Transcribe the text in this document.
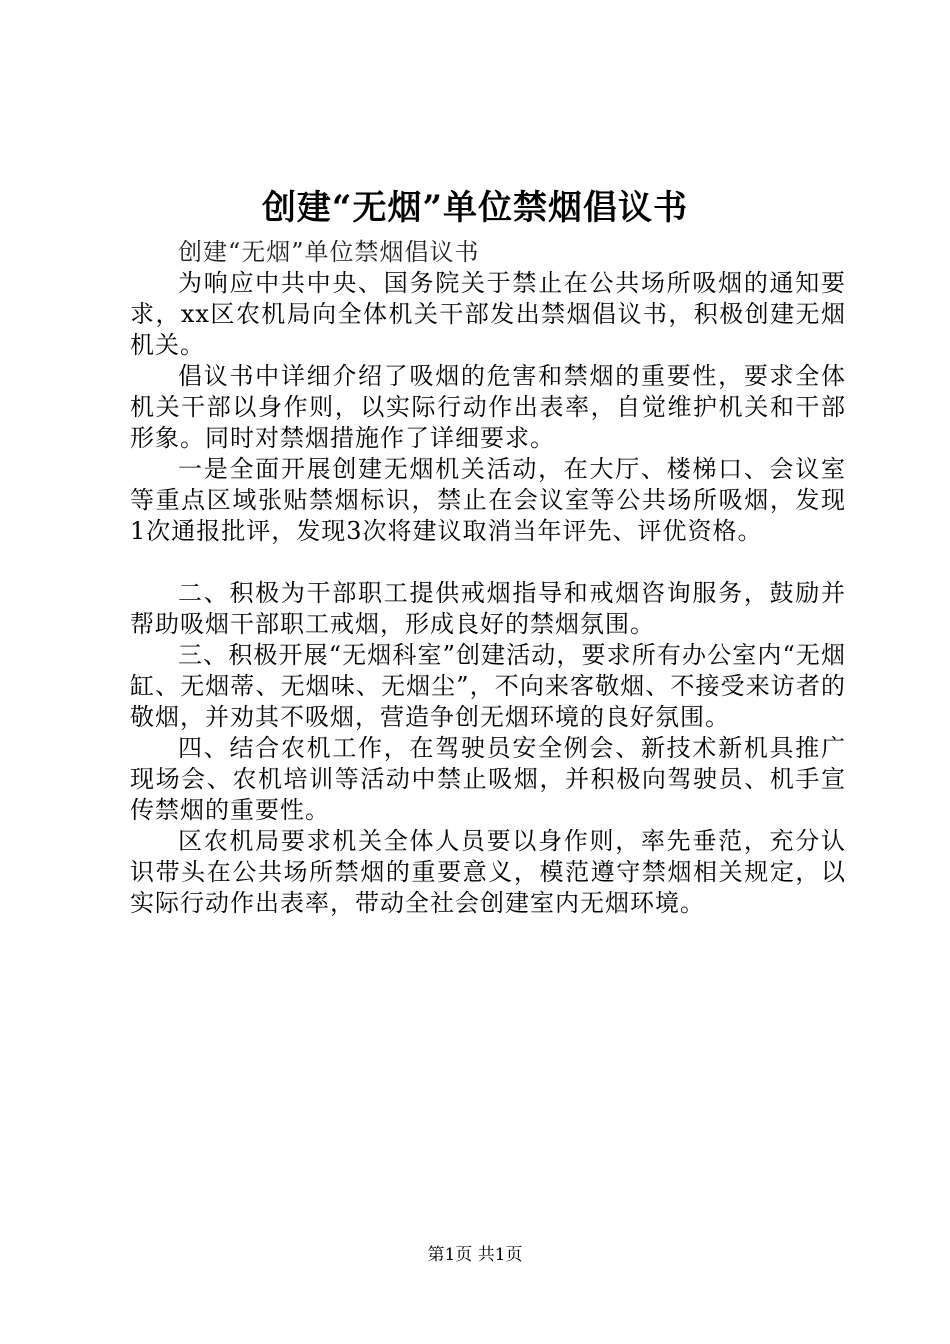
创建“无烟”单位禁烟倡议书

创建“无烟”单位禁烟倡议书

为响应中共中央、国务院关于禁止在公共场所吸烟的通知要求，xx区农机局向全体机关干部发出禁烟倡议书，积极创建无烟机关。

倡议书中详细介绍了吸烟的危害和禁烟的重要性，要求全体机关干部以身作则，以实际行动作出表率，自觉维护机关和干部形象。同时对禁烟措施作了详细要求。

一是全面开展创建无烟机关活动，在大厅、楼梯口、会议室等重点区域张贴禁烟标识，禁止在会议室等公共场所吸烟，发现1次通报批评，发现3次将建议取消当年评先、评优资格。

二、积极为干部职工提供戒烟指导和戒烟咨询服务，鼓励并帮助吸烟干部职工戒烟，形成良好的禁烟氛围。

三、积极开展“无烟科室”创建活动，要求所有办公室内“无烟缸、无烟蒂、无烟味、无烟尘”，不向来客敬烟、不接受来访者的敬烟，并劝其不吸烟，营造争创无烟环境的良好氛围。

四、结合农机工作，在驾驶员安全例会、新技术新机具推广现场会、农机培训等活动中禁止吸烟，并积极向驾驶员、机手宣传禁烟的重要性。

区农机局要求机关全体人员要以身作则，率先垂范，充分认识带头在公共场所禁烟的重要意义，模范遵守禁烟相关规定，以实际行动作出表率，带动全社会创建室内无烟环境。

第1页 共1页
